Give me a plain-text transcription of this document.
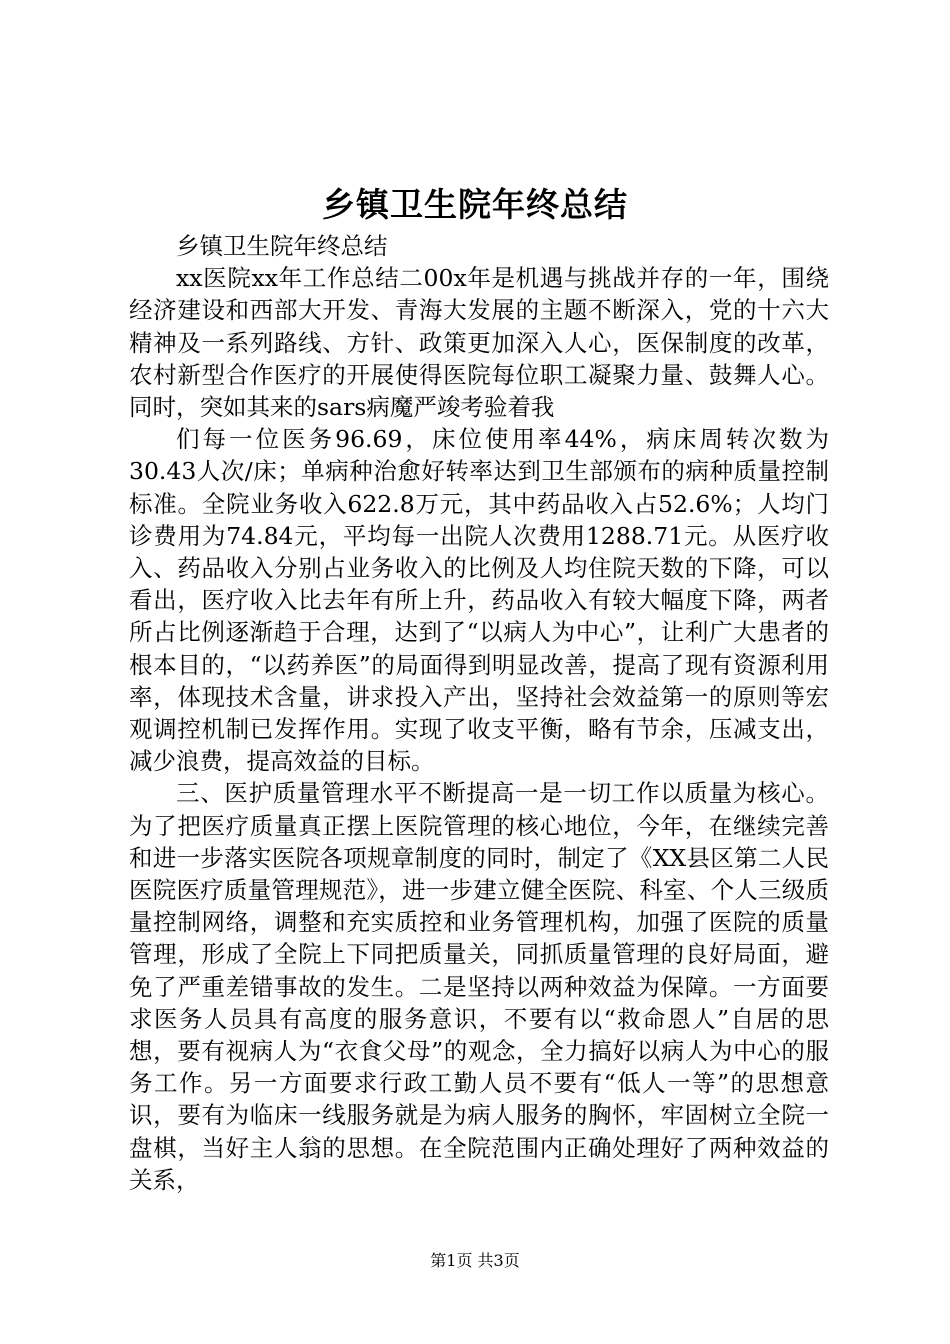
乡镇卫生院年终总结

乡镇卫生院年终总结

xx医院xx年工作总结二00x年是机遇与挑战并存的一年，围绕经济建设和西部大开发、青海大发展的主题不断深入，党的十六大精神及一系列路线、方针、政策更加深入人心，医保制度的改革，农村新型合作医疗的开展使得医院每位职工凝聚力量、鼓舞人心。同时，突如其来的sars病魔严竣考验着我

们每一位医务96.69，床位使用率44%，病床周转次数为30.43人次/床；单病种治愈好转率达到卫生部颁布的病种质量控制标准。全院业务收入622.8万元，其中药品收入占52.6%；人均门诊费用为74.84元，平均每一出院人次费用1288.71元。从医疗收入、药品收入分别占业务收入的比例及人均住院天数的下降，可以看出，医疗收入比去年有所上升，药品收入有较大幅度下降，两者所占比例逐渐趋于合理，达到了“以病人为中心”，让利广大患者的根本目的，“以药养医”的局面得到明显改善，提高了现有资源利用率，体现技术含量，讲求投入产出，坚持社会效益第一的原则等宏观调控机制已发挥作用。实现了收支平衡，略有节余，压减支出，减少浪费，提高效益的目标。

三、医护质量管理水平不断提高一是一切工作以质量为核心。为了把医疗质量真正摆上医院管理的核心地位，今年，在继续完善和进一步落实医院各项规章制度的同时，制定了《XX县区第二人民医院医疗质量管理规范》，进一步建立健全医院、科室、个人三级质量控制网络，调整和充实质控和业务管理机构，加强了医院的质量管理，形成了全院上下同把质量关，同抓质量管理的良好局面，避免了严重差错事故的发生。二是坚持以两种效益为保障。一方面要求医务人员具有高度的服务意识，不要有以“救命恩人”自居的思想，要有视病人为“衣食父母”的观念，全力搞好以病人为中心的服务工作。另一方面要求行政工勤人员不要有“低人一等”的思想意识，要有为临床一线服务就是为病人服务的胸怀，牢固树立全院一盘棋，当好主人翁的思想。在全院范围内正确处理好了两种效益的关系，

第1页 共3页
